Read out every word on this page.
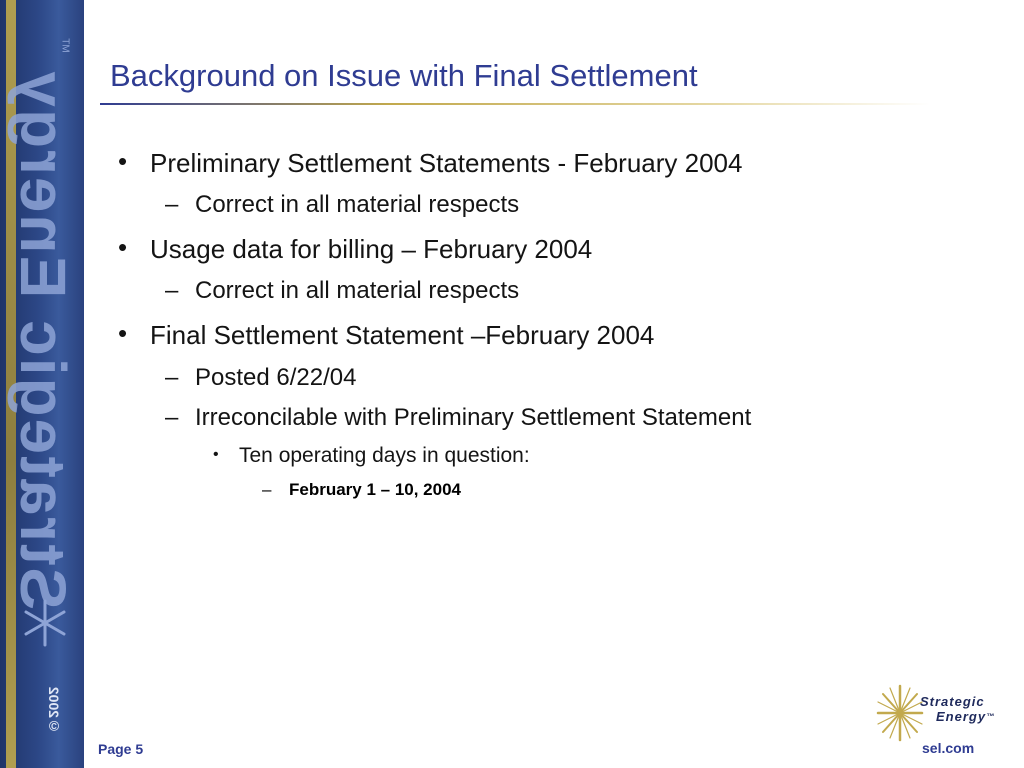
Strategic Energy
TM
©2002
Background on Issue with Final Settlement
• Preliminary Settlement Statements - February 2004
– Correct in all material respects
• Usage data for billing – February 2004
– Correct in all material respects
• Final Settlement Statement –February 2004
– Posted 6/22/04
– Irreconcilable with Preliminary Settlement Statement
• Ten operating days in question:
– February 1 – 10, 2004
Page 5
Strategic
Energy™
sel.com
